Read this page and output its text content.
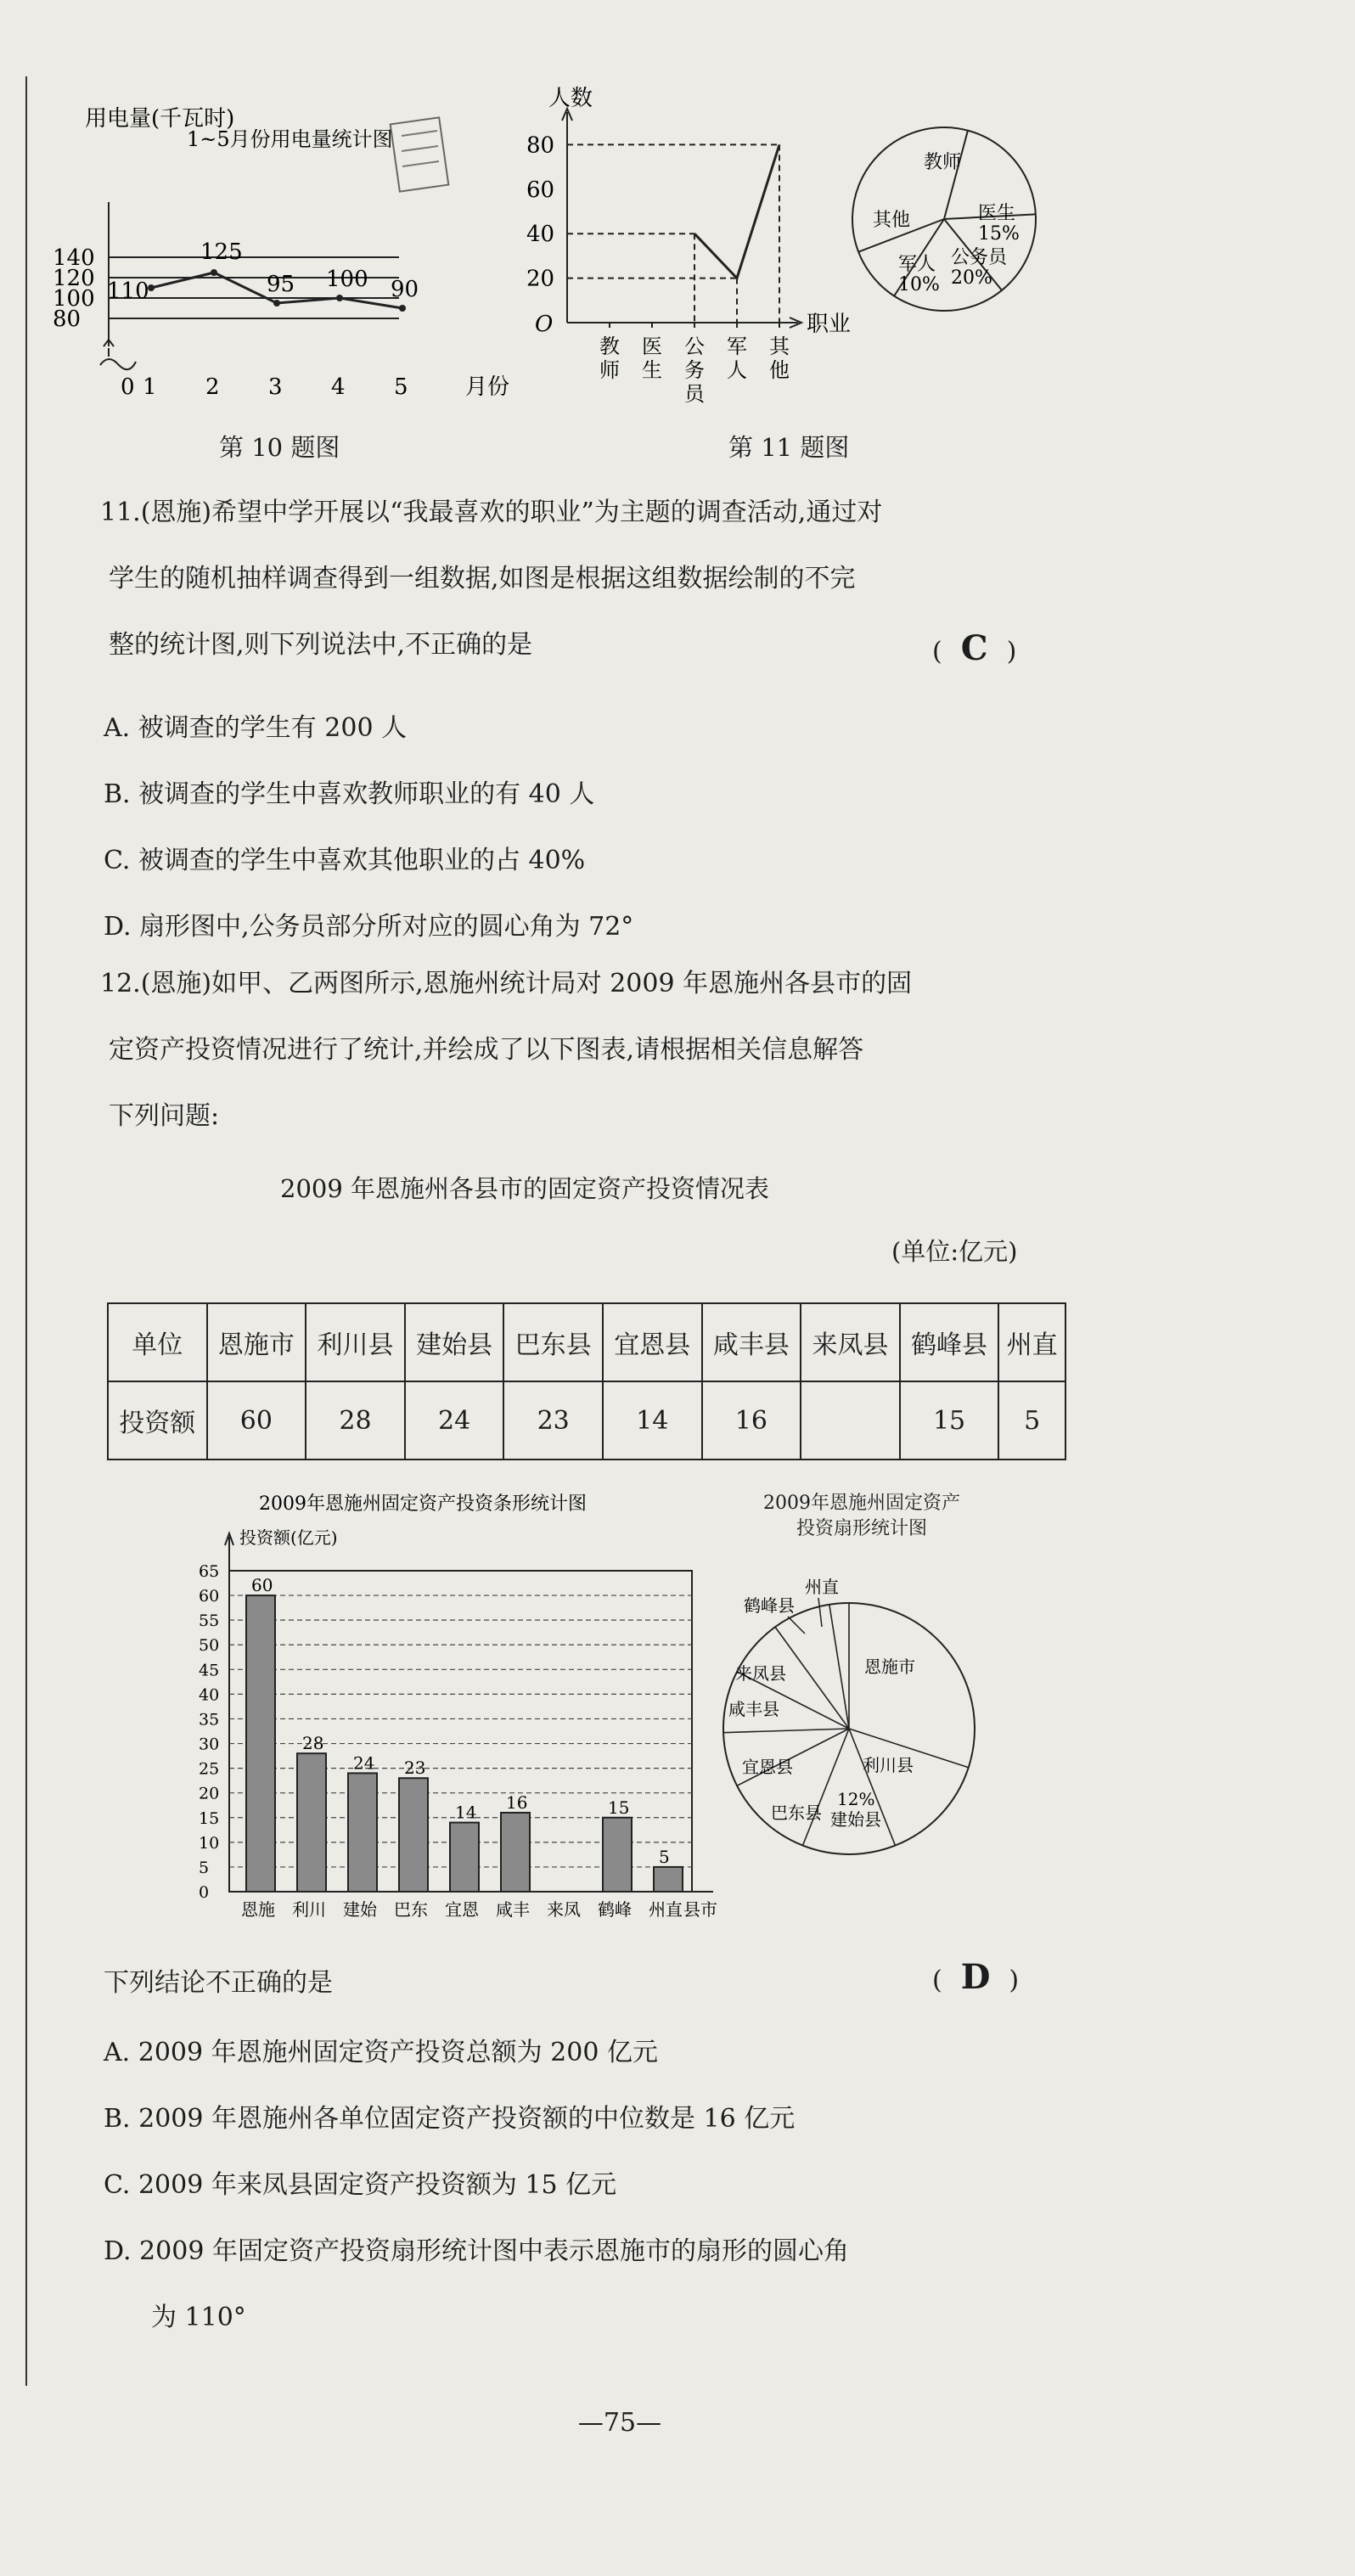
用电量(千瓦时)
1~5月份用电量统计图
80
100
120
140
0 1 2 3 4 5
110
125
95 100 90
月份
第 10 题图
人数
O
20
40
60
80
教师
医生
公务员
军人
其他
职业
教师
医生 15%
公务员 20%
军人 10%
其他
第 11 题图

11.(恩施)希望中学开展以“我最喜欢的职业”为主题的调查活动,通过对

学生的随机抽样调查得到一组数据,如图是根据这组数据绘制的不完

整的统计图,则下列说法中,不正确的是	( C )
A. 被调查的学生有 200 人
B. 被调查的学生中喜欢教师职业的有 40 人
C. 被调查的学生中喜欢其他职业的占 40%
D. 扇形图中,公务员部分所对应的圆心角为 72°

12.(恩施)如甲、乙两图所示,恩施州统计局对 2009 年恩施州各县市的固

定资产投资情况进行了统计,并绘成了以下图表,请根据相关信息解答

下列问题:

2009 年恩施州各县市的固定资产投资情况表
(单位:亿元)
单位	恩施市	利川县	建始县	巴东县	宜恩县	咸丰县	来凤县	鹤峰县	州直
投资额	60	28	24	23	14	16		15	5
2009年恩施州固定资产投资条形统计图
投资额(亿元)
0
5
10
15
20
25
30
35
40
45
50
55
60
65
恩施
60
利川
28
建始
24
巴东
23
宜恩
14
咸丰
16
来凤 鹤峰
15
州直
5
县市
2009年恩施州固定资产
投资扇形统计图
恩施市
利川县
12%建始县
巴东县
宜恩县
咸丰县
来凤县
鹤峰县
州直
下列结论不正确的是	( D )
A. 2009 年恩施州固定资产投资总额为 200 亿元
B. 2009 年恩施州各单位固定资产投资额的中位数是 16 亿元
C. 2009 年来凤县固定资产投资额为 15 亿元
D. 2009 年固定资产投资扇形统计图中表示恩施市的扇形的圆心角
为 110°
—75—
